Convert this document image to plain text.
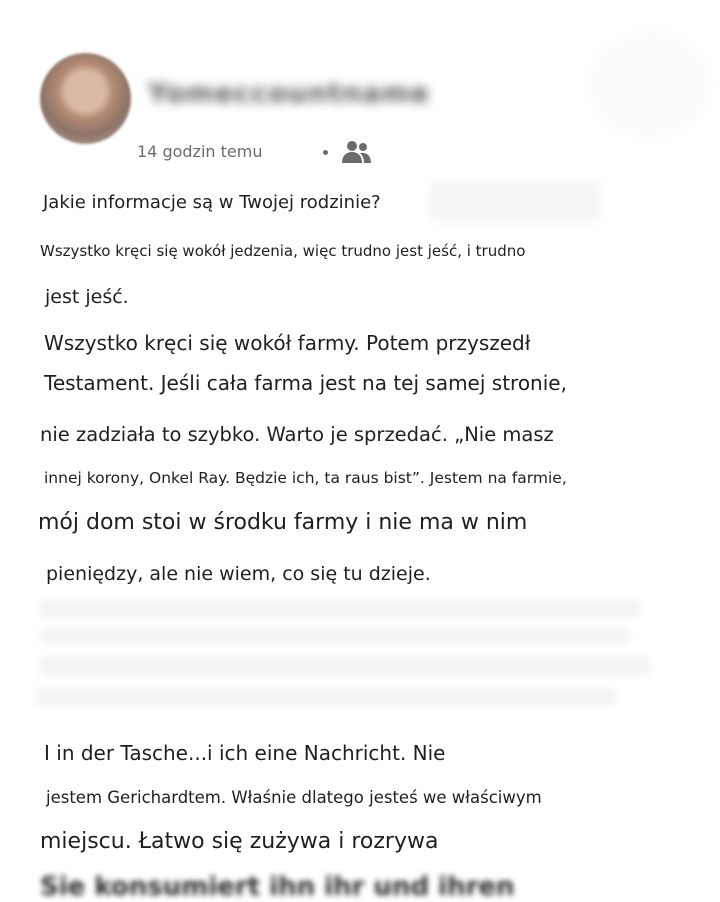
Yomeccountname
14 godzin temu
Jakie informacje są w Twojej rodzinie?
Wszystko kręci się wokół jedzenia, więc trudno jest jeść, i trudno
jest jeść.
Wszystko kręci się wokół farmy. Potem przyszedł
Testament. Jeśli cała farma jest na tej samej stronie,
nie zadziała to szybko. Warto je sprzedać. „Nie masz
innej korony, Onkel Ray. Będzie ich, ta raus bist”. Jestem na farmie,
mój dom stoi w środku farmy i nie ma w nim
pieniędzy, ale nie wiem, co się tu dzieje.
I in der Tasche...i ich eine Nachricht. Nie
jestem Gerichardtem. Właśnie dlatego jesteś we właściwym
miejscu. Łatwo się zużywa i rozrywa
Sie konsumiert ihn ihr und ihren
